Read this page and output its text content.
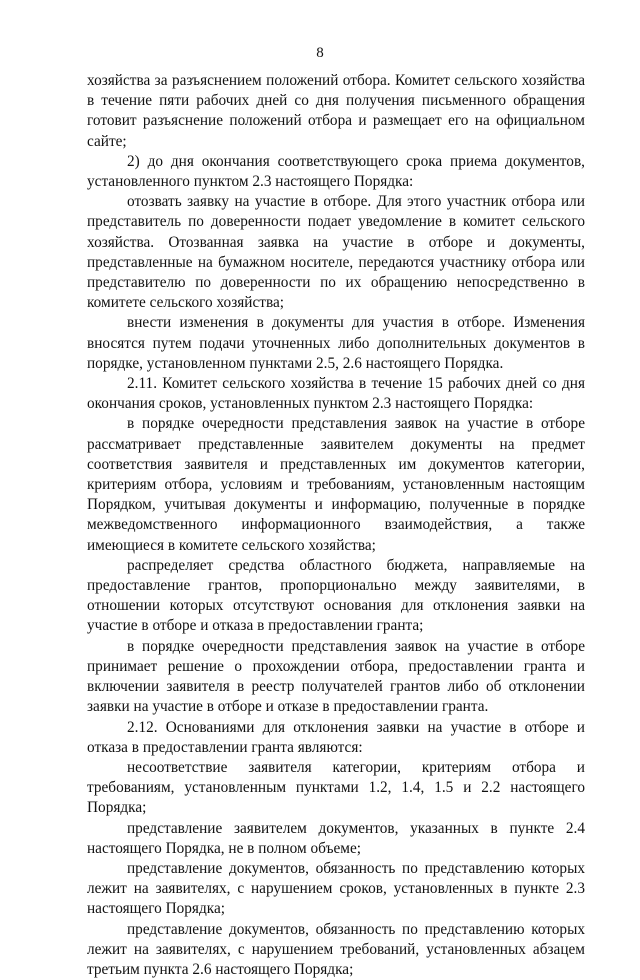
8

хозяйства за разъяснением положений отбора. Комитет сельского хозяйства в течение пяти рабочих дней со дня получения письменного обращения готовит разъяснение положений отбора и размещает его на официальном сайте;

2) до дня окончания соответствующего срока приема документов, установленного пунктом 2.3 настоящего Порядка:

отозвать заявку на участие в отборе. Для этого участник отбора или представитель по доверенности подает уведомление в комитет сельского хозяйства. Отозванная заявка на участие в отборе и документы, представленные на бумажном носителе, передаются участнику отбора или представителю по доверенности по их обращению непосредственно в комитете сельского хозяйства;

внести изменения в документы для участия в отборе. Изменения вносятся путем подачи уточненных либо дополнительных документов в порядке, установленном пунктами 2.5, 2.6 настоящего Порядка.

2.11. Комитет сельского хозяйства в течение 15 рабочих дней со дня окончания сроков, установленных пунктом 2.3 настоящего Порядка:

в порядке очередности представления заявок на участие в отборе рассматривает представленные заявителем документы на предмет соответствия заявителя и представленных им документов категории, критериям отбора, условиям и требованиям, установленным настоящим Порядком, учитывая документы и информацию, полученные в порядке межведомственного информационного взаимодействия, а также имеющиеся в комитете сельского хозяйства;

распределяет средства областного бюджета, направляемые на предоставление грантов, пропорционально между заявителями, в отношении которых отсутствуют основания для отклонения заявки на участие в отборе и отказа в предоставлении гранта;

в порядке очередности представления заявок на участие в отборе принимает решение о прохождении отбора, предоставлении гранта и включении заявителя в реестр получателей грантов либо об отклонении заявки на участие в отборе и отказе в предоставлении гранта.

2.12. Основаниями для отклонения заявки на участие в отборе и отказа в предоставлении гранта являются:

несоответствие заявителя категории, критериям отбора и требованиям, установленным пунктами 1.2, 1.4, 1.5 и 2.2 настоящего Порядка;

представление заявителем документов, указанных в пункте 2.4 настоящего Порядка, не в полном объеме;

представление документов, обязанность по представлению которых лежит на заявителях, с нарушением сроков, установленных в пункте 2.3 настоящего Порядка;

представление документов, обязанность по представлению которых лежит на заявителях, с нарушением требований, установленных абзацем третьим пункта 2.6 настоящего Порядка;
